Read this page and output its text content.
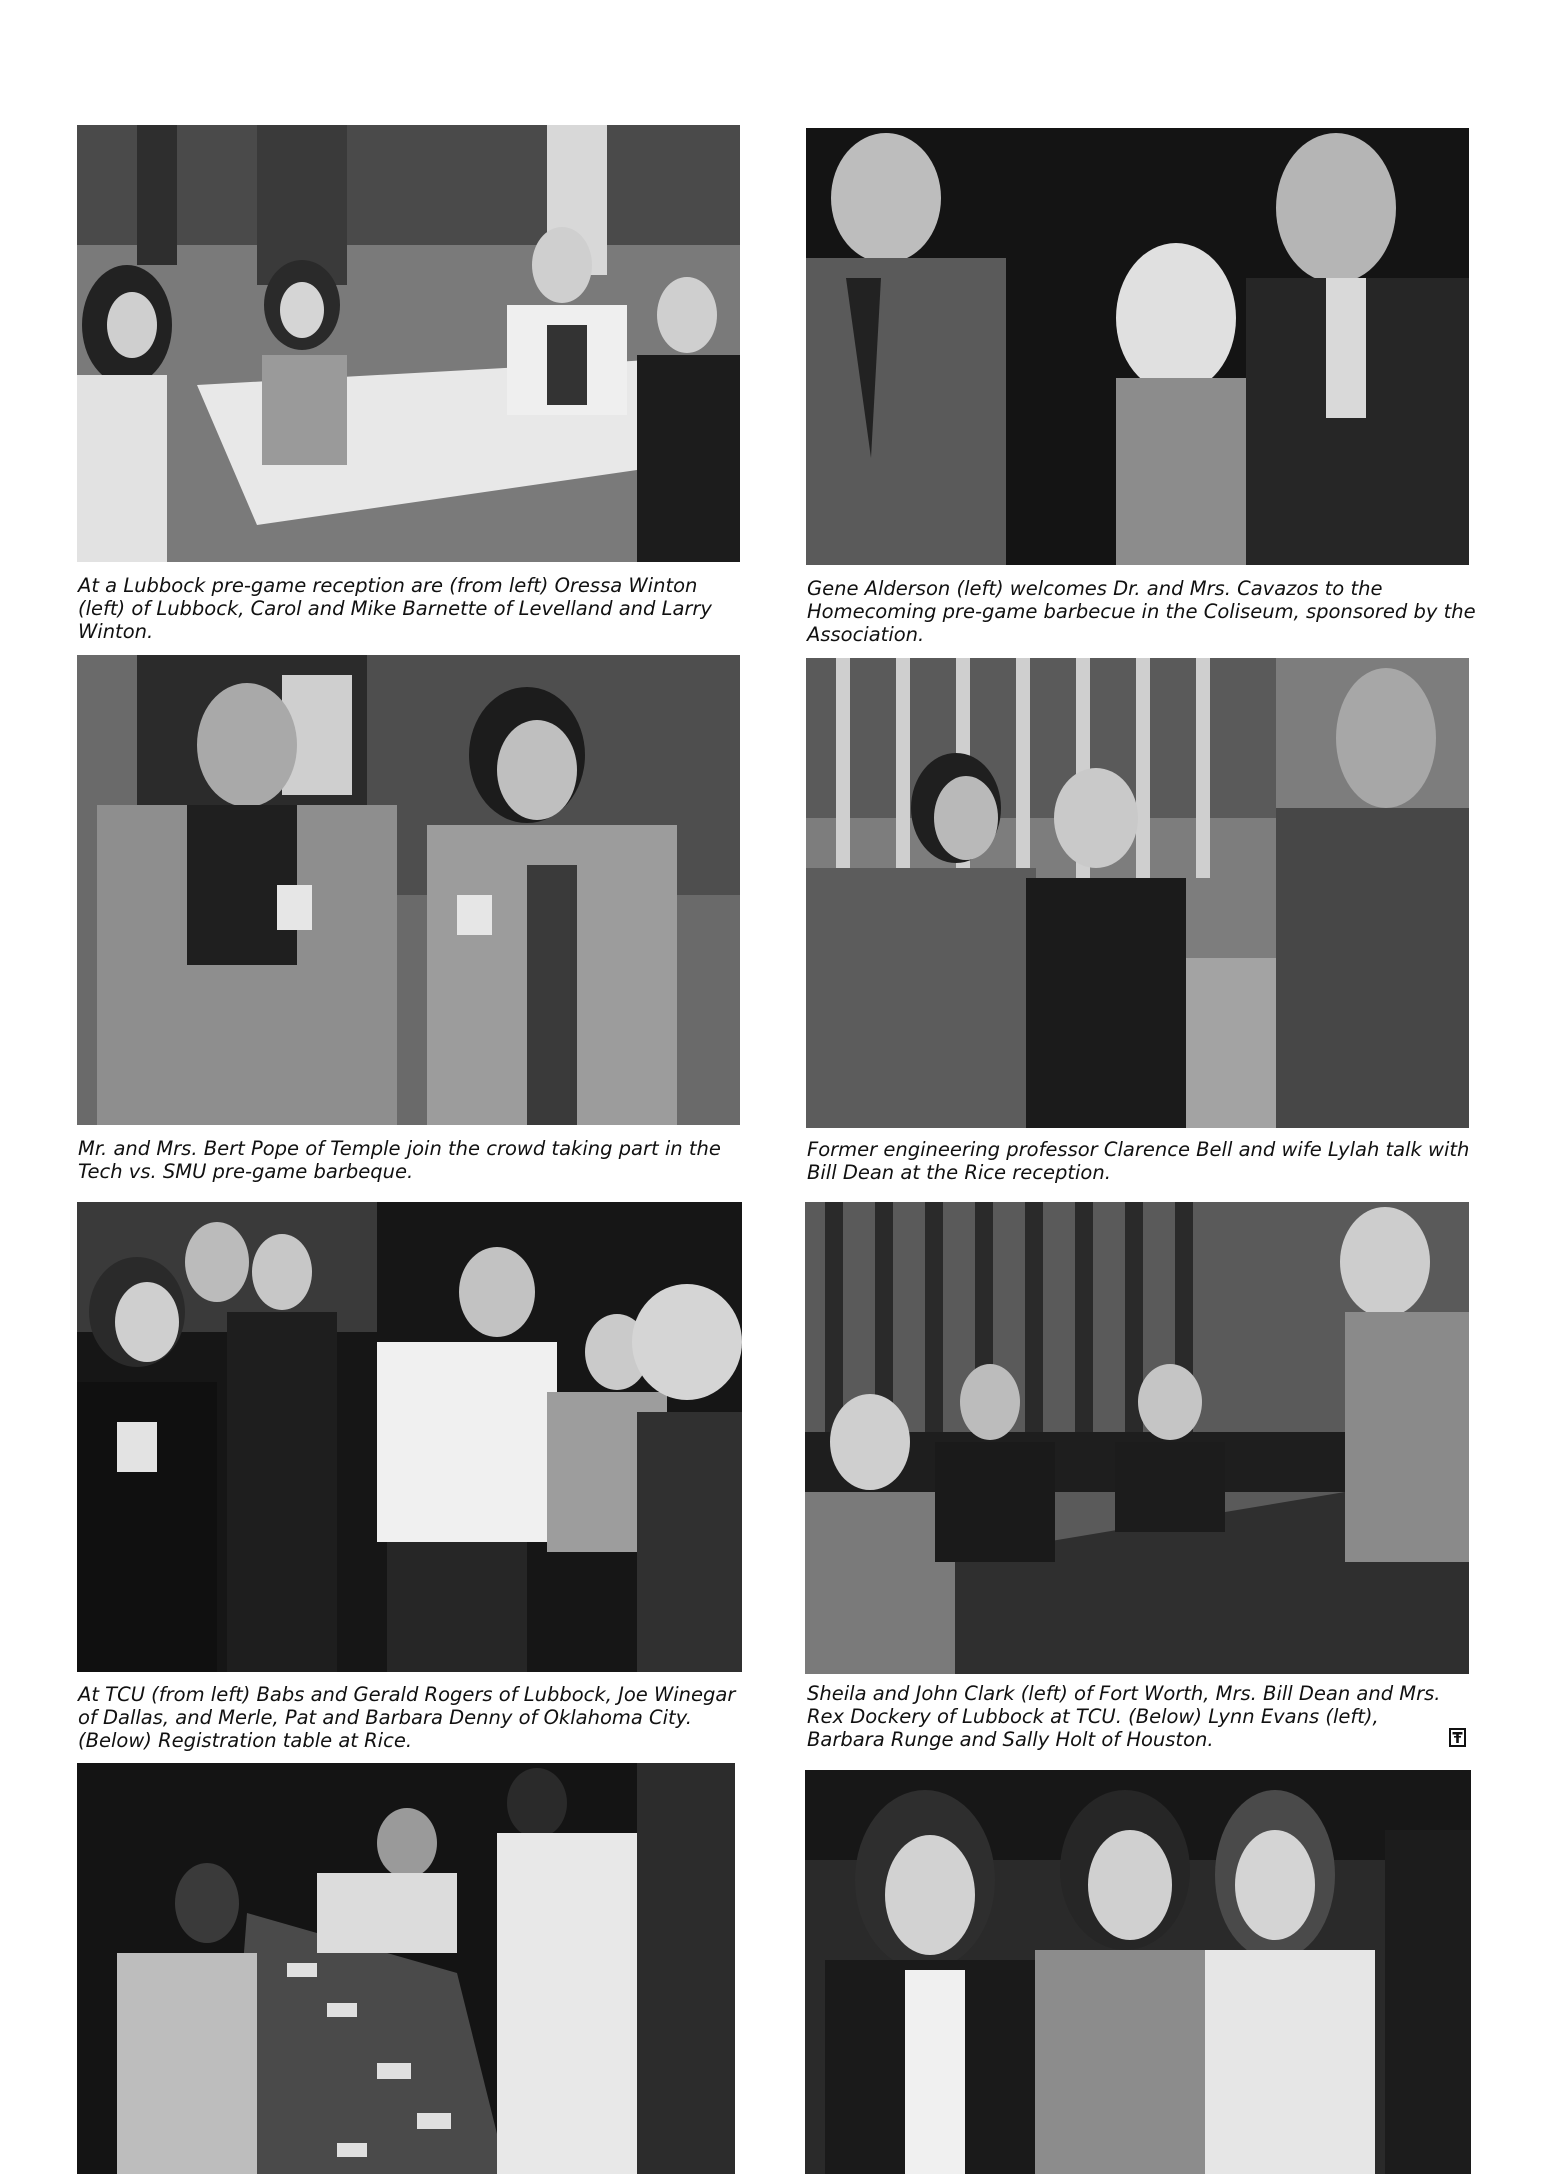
At a Lubbock pre-game reception are (from left) Oressa Winton (left) of Lubbock, Carol and Mike Barnette of Levelland and Larry Winton.

Gene Alderson (left) welcomes Dr. and Mrs. Cavazos to the Homecoming pre-game barbecue in the Coliseum, sponsored by the Association.

Mr. and Mrs. Bert Pope of Temple join the crowd taking part in the Tech vs. SMU pre-game barbeque.

Former engineering professor Clarence Bell and wife Lylah talk with Bill Dean at the Rice reception.

At TCU (from left) Babs and Gerald Rogers of Lubbock, Joe Winegar of Dallas, and Merle, Pat and Barbara Denny of Oklahoma City. (Below) Registration table at Rice.

Sheila and John Clark (left) of Fort Worth, Mrs. Bill Dean and Mrs. Rex Dockery of Lubbock at TCU. (Below) Lynn Evans (left), Barbara Runge and Sally Holt of Houston.
